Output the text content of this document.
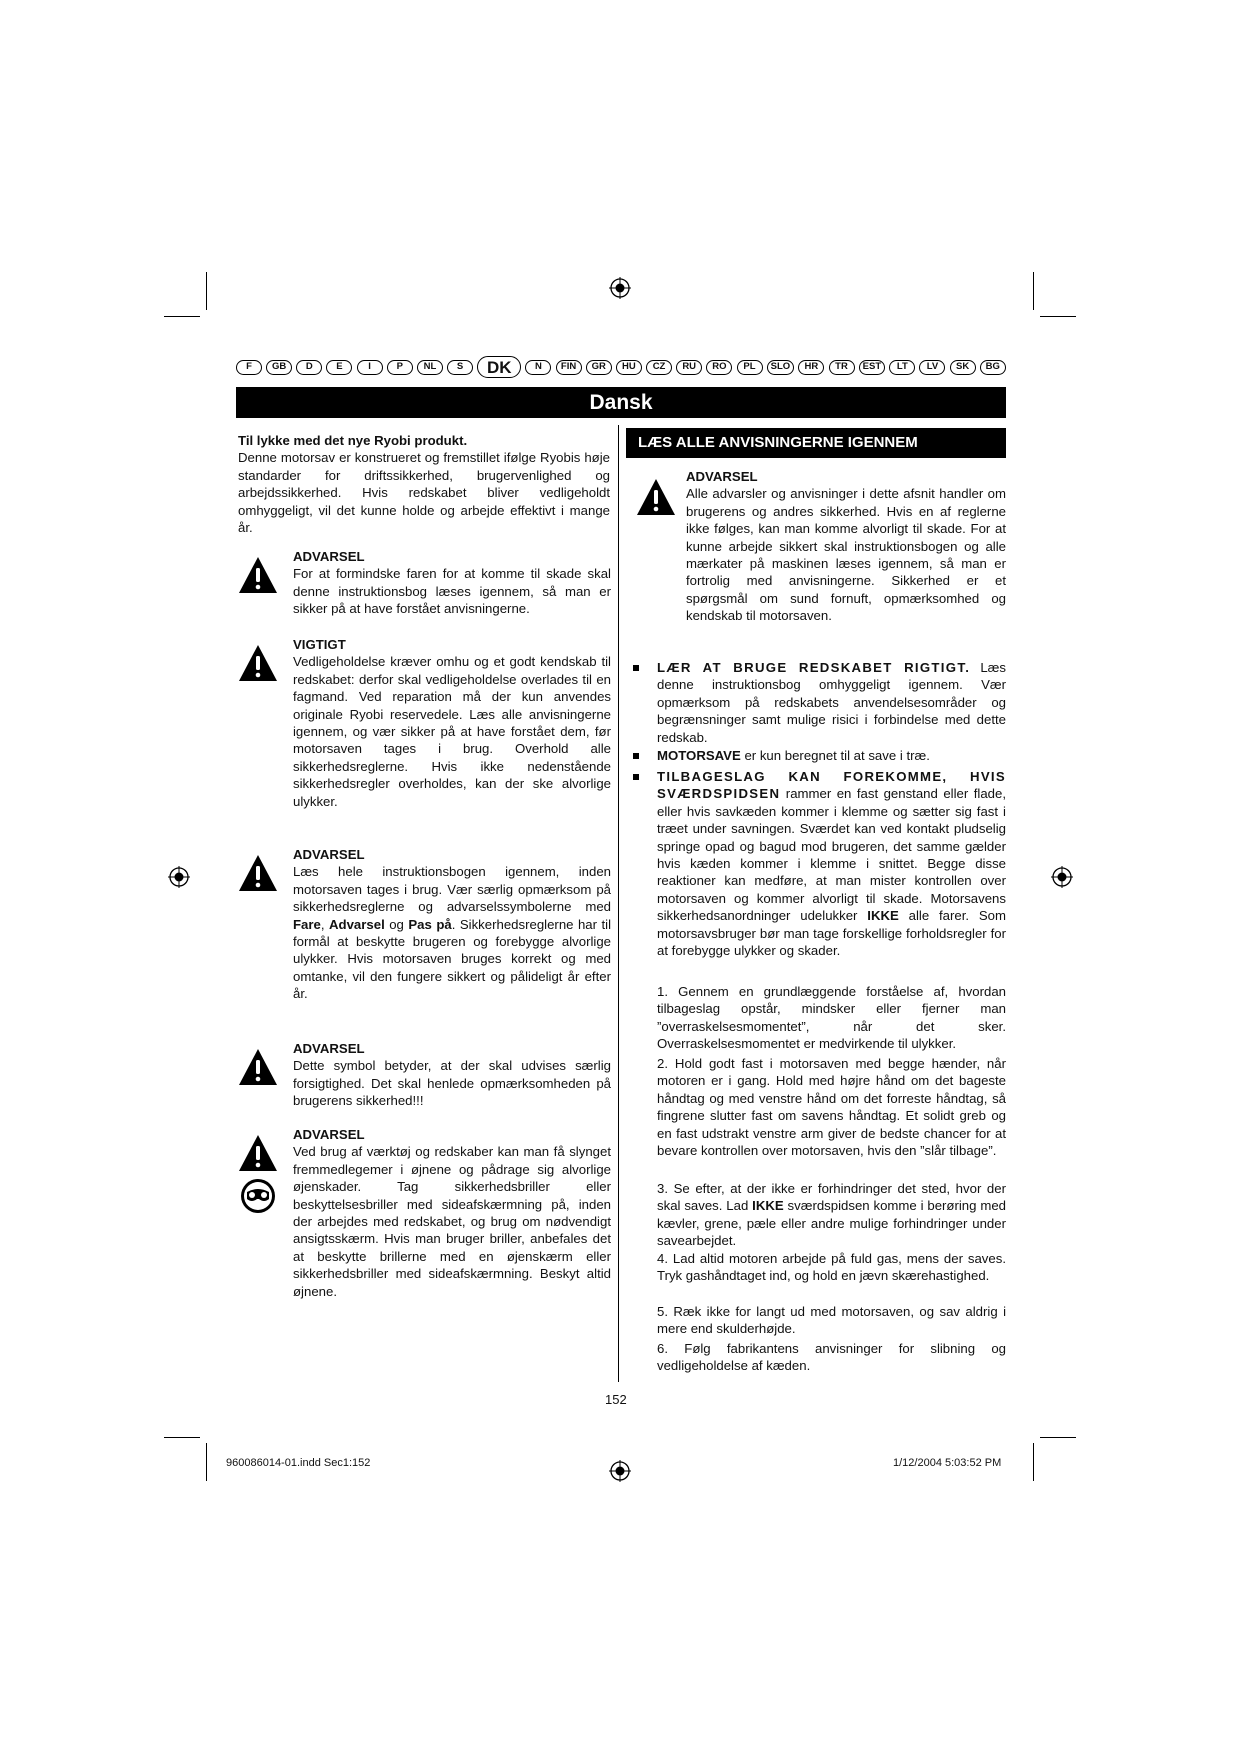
F	GB	D	E	I	P	NL	S	DK	N	FIN	GR	HU	CZ	RU	RO	PL	SLO	HR	TR	EST	LT	LV	SK	BG
Dansk

Til lykke med det nye Ryobi produkt.

Denne motorsav er konstrueret og fremstillet ifølge Ryobis høje standarder for driftssikkerhed, brugervenlighed og arbejdssikkerhed. Hvis redskabet bliver vedligeholdt omhyggeligt, vil det kunne holde og arbejde effektivt i mange år.

ADVARSEL
For at formindske faren for at komme til skade skal denne instruktionsbog læses igennem, så man er sikker på at have forstået anvisningerne.
VIGTIGT
Vedligeholdelse kræver omhu og et godt kendskab til redskabet: derfor skal vedligeholdelse overlades til en fagmand. Ved reparation må der kun anvendes originale Ryobi reservedele. Læs alle anvisningerne igennem, og vær sikker på at have forstået dem, før motorsaven tages i brug. Overhold alle sikkerhedsreglerne. Hvis ikke nedenstående sikkerhedsregler overholdes, kan der ske alvorlige ulykker.
ADVARSEL
Læs hele instruktionsbogen igennem, inden motorsaven tages i brug. Vær særlig opmærksom på sikkerhedsreglerne og advarselssymbolerne med Fare, Advarsel og Pas på. Sikkerhedsreglerne har til formål at beskytte brugeren og forebygge alvorlige ulykker. Hvis motorsaven bruges korrekt og med omtanke, vil den fungere sikkert og pålideligt år efter år.
ADVARSEL
Dette symbol betyder, at der skal udvises særlig forsigtighed. Det skal henlede opmærksomheden på brugerens sikkerhed!!!
ADVARSEL
Ved brug af værktøj og redskaber kan man få slynget fremmedlegemer i øjnene og pådrage sig alvorlige øjenskader. Tag sikkerhedsbriller eller beskyttelsesbriller med sideafskærmning på, inden der arbejdes med redskabet, og brug om nødvendigt ansigtsskærm. Hvis man bruger briller, anbefales det at beskytte brillerne med en øjenskærm eller sikkerhedsbriller med sideafskærmning. Beskyt altid øjnene.
LÆS ALLE ANVISNINGERNE IGENNEM
ADVARSEL
Alle advarsler og anvisninger i dette afsnit handler om brugerens og andres sikkerhed. Hvis en af reglerne ikke følges, kan man komme alvorligt til skade. For at kunne arbejde sikkert skal instruktionsbogen og alle mærkater på maskinen læses igennem, så man er fortrolig med anvisningerne. Sikkerhed er et spørgsmål om sund fornuft, opmærksomhed og kendskab til motorsaven.
LÆR AT BRUGE REDSKABET RIGTIGT. Læs denne instruktionsbog omhyggeligt igennem. Vær opmærksom på redskabets anvendelsesområder og begrænsninger samt mulige risici i forbindelse med dette redskab.
MOTORSAVE er kun beregnet til at save i træ.
TILBAGESLAG KAN FOREKOMME, HVIS SVÆRDSPIDSEN rammer en fast genstand eller flade, eller hvis savkæden kommer i klemme og sætter sig fast i træet under savningen. Sværdet kan ved kontakt pludselig springe opad og bagud mod brugeren, det samme gælder hvis kæden kommer i klemme i snittet. Begge disse reaktioner kan medføre, at man mister kontrollen over motorsaven og kommer alvorligt til skade. Motorsavens sikkerhedsanordninger udelukker IKKE alle farer. Som motorsavsbruger bør man tage forskellige forholdsregler for at forebygge ulykker og skader.
1. Gennem en grundlæggende forståelse af, hvordan tilbageslag opstår, mindsker eller fjerner man ”overraskelsesmomentet”, når det sker. Overraskelsesmomentet er medvirkende til ulykker.
2. Hold godt fast i motorsaven med begge hænder, når motoren er i gang. Hold med højre hånd om det bageste håndtag og med venstre hånd om det forreste håndtag, så fingrene slutter fast om savens håndtag. Et solidt greb og en fast udstrakt venstre arm giver de bedste chancer for at bevare kontrollen over motorsaven, hvis den ”slår tilbage”.
3. Se efter, at der ikke er forhindringer det sted, hvor der skal saves. Lad IKKE sværdspidsen komme i berøring med kævler, grene, pæle eller andre mulige forhindringer under savearbejdet.
4. Lad altid motoren arbejde på fuld gas, mens der saves. Tryk gashåndtaget ind, og hold en jævn skærehastighed.
5. Ræk ikke for langt ud med motorsaven, og sav aldrig i mere end skulderhøjde.
6. Følg fabrikantens anvisninger for slibning og vedligeholdelse af kæden.
152
960086014-01.indd Sec1:152	1/12/2004 5:03:52 PM
